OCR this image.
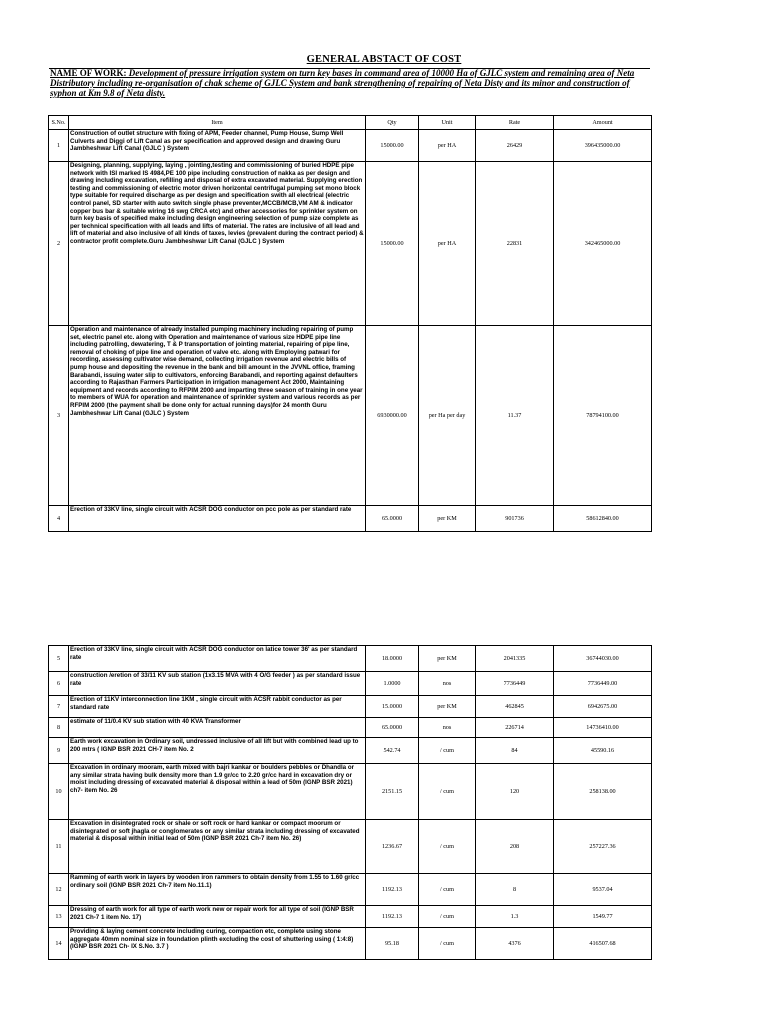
GENERAL ABSTACT OF COST
NAME OF WORK: Development of pressure irrigation system on turn key bases in command area of 10000 Ha of GJLC system and remaining area of Neta Distributory including re-organisation of chak scheme of GJLC System and bank strengthening of repairing of Neta Disty and its minor and construction of syphon at Km 9.8 of Neta disty.
S.No.	Item	Qty	Unit	Rate	Amount
1	Construction of outlet structure with fixing of APM, Feeder channel, Pump House, Sump Well Culverts and Diggi of Lift Canal as per specification and approved design and drawing Guru Jambheshwar Lift Canal (GJLC ) System	15000.00	per HA	26429	396435000.00
2	Designing, planning, supplying, laying , jointing,testing and commissioning of buried HDPE pipe network with ISI marked IS 4984,PE 100 pipe including construction of nakka as per design and drawing including excavation, refilling and disposal of extra excavated material. Supplying erection testing and commissioning of electric motor driven horizontal centrifugal pumping set mono block type suitable for required discharge as per design and specification swith all electrical (electric control panel, SD starter with auto switch single phase preventer,MCCB/MCB,VM AM & indicator copper bus bar & suitable wiring 16 swg CRCA etc) and other accessories for sprinkler system on turn key basis of specified make including design engineering selection of pump size complete as per technical specification with all leads and lifts of material. The rates are inclusive of all lead and lift of material and also inclusive of all kinds of taxes, levies (prevalent during the contract period) & contractor profit complete.Guru Jambheshwar Lift Canal (GJLC ) System	15000.00	per HA	22831	342465000.00
3	Operation and maintenance of already installed pumping machinery including repairing of pump set, electric panel etc. along with Operation and maintenance of various size HDPE pipe line including patrolling, dewatering, T & P transportation of jointing material, repairing of pipe line, removal of choking of pipe line and operation of valve etc. along with Employing patwari for recording, assessing cultivator wise demand, collecting irrigation revenue and electric bills of pump house and depositing the revenue in the bank and bill amount in the JVVNL office, framing Barabandi, issuing water slip to cultivators, enforcing Barabandi, and reporting against defaulters according to Rajasthan Farmers Participation in irrigation management Act 2000, Maintaining equipment and records according to RFPIM 2000 and imparting three season of training in one year to members of WUA for operation and maintenance of sprinkler system and various records as per RFPIM 2000 (the payment shall be done only for actual running days)for 24 month Guru Jambheshwar Lift Canal (GJLC ) System	6930000.00	per Ha per day	11.37	78794100.00
4	Erection of 33KV line, single circuit with ACSR DOG conductor on pcc pole as per standard rate	65.0000	per KM	901736	58612840.00
5	Erection of 33KV line, single circuit with ACSR DOG conductor on latice tower 36' as per standard rate	18.0000	per KM	2041335	36744030.00
6	construction /eretion of 33/11 KV sub station (1x3.15 MVA with 4 O/G feeder ) as per standard issue rate	1.0000	nos	7736449	7736449.00
7	Erection of 11KV interconnection line 1KM , single circuit with ACSR rabbit conductor as per standard rate	15.0000	per KM	462845	6942675.00
8	estimate of 11/0.4 KV sub station with 40 KVA Transformer	65.0000	nos	226714	14736410.00
9	Earth work excavation in Ordinary soil, undressed inclusive of all lift but with combined lead up to 200 mtrs ( IGNP BSR 2021 CH-7 item No. 2	542.74	/ cum	84	45590.16
10	Excavation in ordinary mooram, earth mixed with bajri kankar or boulders pebbles or Dhandla or any similar strata having bulk density more than 1.9 gr/cc to 2.20 gr/cc hard in excavation dry or moist including dressing of excavated material & disposal within a lead of 50m (IGNP BSR 2021) ch7- item No. 26	2151.15	/ cum	120	258138.00
11	Excavation in disintegrated rock or shale or soft rock or hard kankar or compact moorum or disintegrated or soft jhagla or conglomerates or any similar strata including dressing of excavated material & disposal within initial lead of 50m (IGNP BSR 2021 Ch-7 item No. 26)	1236.67	/ cum	208	257227.36
12	Ramming of earth work in layers by wooden iron rammers to obtain density from 1.55 to 1.60 gr/cc ordinary soil (IGNP BSR 2021 Ch-7 item No.11.1)	1192.13	/ cum	8	9537.04
13	Dressing of earth work for all type of earth work new or repair work for all type of soil (IGNP BSR 2021 Ch-7 1 item No. 17)	1192.13	/ cum	1.3	1549.77
14	Providing & laying cement concrete including curing, compaction etc, complete using stone aggregate 40mm nominal size in foundation plinth excluding the cost of shuttering using ( 1:4:8) (IGNP BSR 2021 Ch- IX S.No. 3.7 )	95.18	/ cum	4376	416507.68
